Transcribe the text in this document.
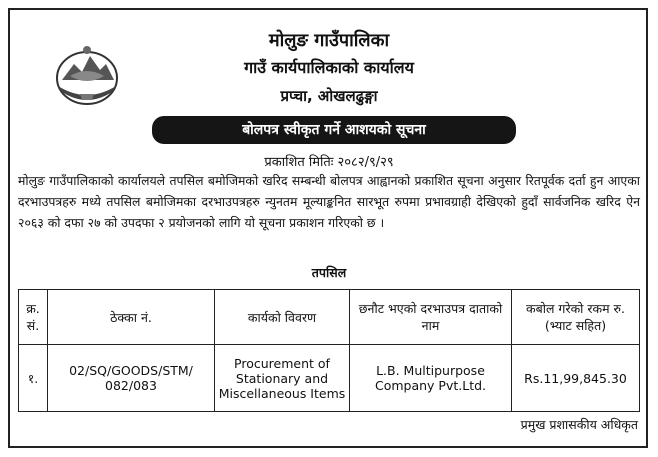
मोलुङ गाउँपालिका
गाउँ कार्यपालिकाको कार्यालय
प्रप्चा, ओखलढुङ्गा
बोलपत्र स्वीकृत गर्ने आशयको सूचना
प्रकाशित मितिः २०८२/९/२९
मोलुङ गाउँपालिकाको कार्यालयले तपसिल बमोजिमको खरिद सम्बन्धी बोलपत्र आह्वानको प्रकाशित सूचना अनुसार रितपूर्वक दर्ता हुन आएका दरभाउपत्रहरु मध्ये तपसिल बमोजिमका दरभाउपत्रहरु न्युनतम मूल्याङ्कनित सारभूत रुपमा प्रभावग्राही देखिएको हुदाँ सार्वजनिक खरिद ऐन २०६३ को दफा २७ को उपदफा २ प्रयोजनको लागि यो सूचना प्रकाशन गरिएको छ ।
तपसिल
क्र. सं.	ठेक्का नं.	कार्यको विवरण	छनौट भएको दरभाउपत्र दाताको नाम	कबोल गरेको रकम रु. (भ्याट सहित)
१.	02/SQ/GOODS/STM/ 082/083	Procurement of Stationary and Miscellaneous Items	L.B. Multipurpose Company Pvt.Ltd.	Rs.11,99,845.30
प्रमुख प्रशासकीय अधिकृत
